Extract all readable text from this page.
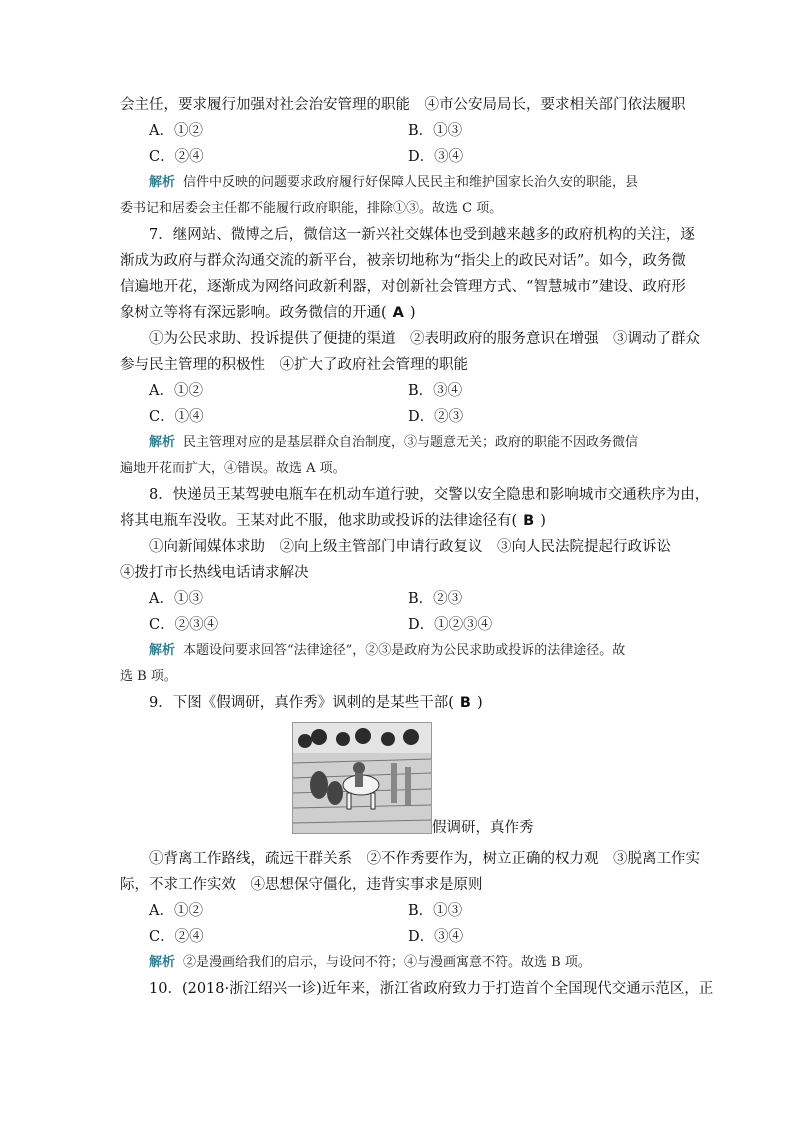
会主任，要求履行加强对社会治安管理的职能　④市公安局局长，要求相关部门依法履职
A．①②	B．①③
C．②④	D．③④
解析 信件中反映的问题要求政府履行好保障人民民主和维护国家长治久安的职能，县
委书记和居委会主任都不能履行政府职能，排除①③。故选 C 项。
7．继网站、微博之后，微信这一新兴社交媒体也受到越来越多的政府机构的关注，逐
渐成为政府与群众沟通交流的新平台，被亲切地称为“指尖上的政民对话”。如今，政务微
信遍地开花，逐渐成为网络问政新利器，对创新社会管理方式、“智慧城市”建设、政府形
象树立等将有深远影响。政务微信的开通( A )
①为公民求助、投诉提供了便捷的渠道　②表明政府的服务意识在增强　③调动了群众
参与民主管理的积极性　④扩大了政府社会管理的职能
A．①②	B．③④
C．①④	D．②③
解析 民主管理对应的是基层群众自治制度，③与题意无关；政府的职能不因政务微信
遍地开花而扩大，④错误。故选 A 项。
8．快递员王某驾驶电瓶车在机动车道行驶，交警以安全隐患和影响城市交通秩序为由，
将其电瓶车没收。王某对此不服，他求助或投诉的法律途径有( B )
①向新闻媒体求助　②向上级主管部门申请行政复议　③向人民法院提起行政诉讼
④拨打市长热线电话请求解决
A．①③	B．②③
C．②③④	D．①②③④
解析 本题设问要求回答“法律途径”，②③是政府为公民求助或投诉的法律途径。故
选 B 项。
9．下图《假调研，真作秀》讽刺的是某些干部( B )
假调研，真作秀
①背离工作路线，疏远干群关系　②不作秀要作为，树立正确的权力观　③脱离工作实
际，不求工作实效　④思想保守僵化，违背实事求是原则
A．①②	B．①③
C．②④	D．③④
解析 ②是漫画给我们的启示，与设问不符；④与漫画寓意不符。故选 B 项。
10．(2018·浙江绍兴一诊)近年来，浙江省政府致力于打造首个全国现代交通示范区，正
